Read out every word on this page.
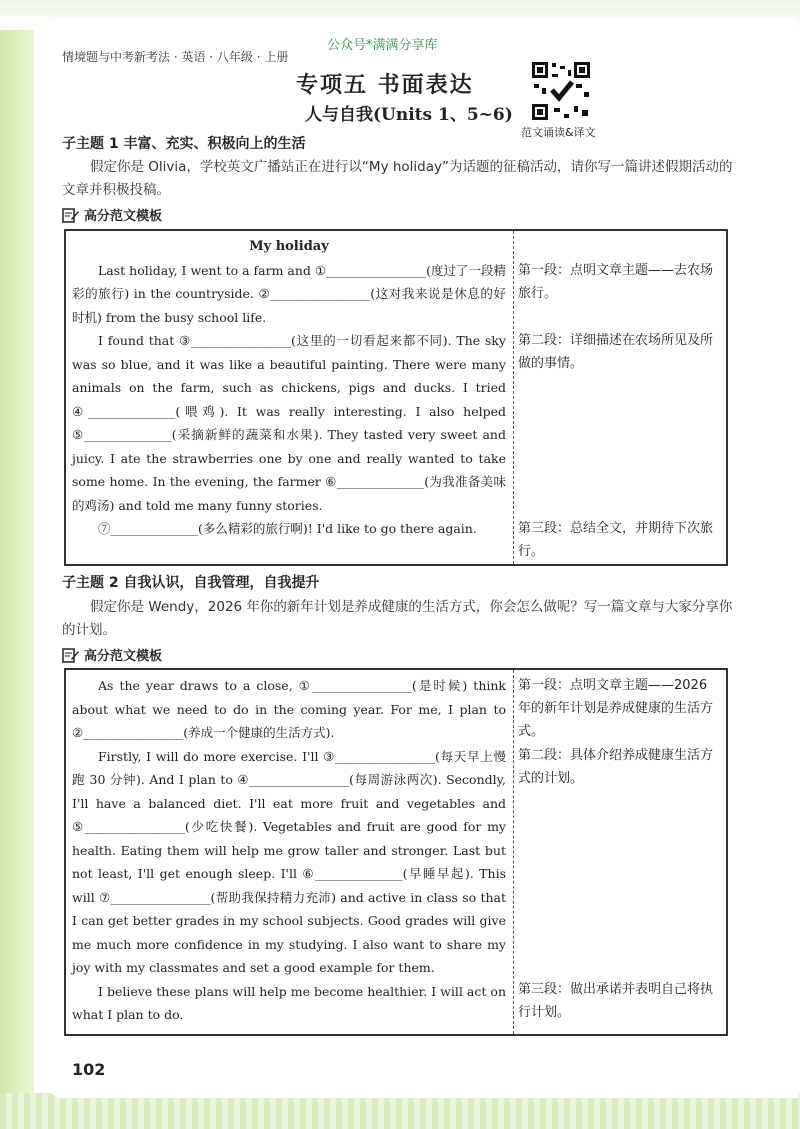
公众号*满满分享库
情境题与中考新考法 · 英语 · 八年级 · 上册
专项五 书面表达
人与自我(Units 1、5~6)
范文诵读&译文
子主题 1 丰富、充实、积极向上的生活
假定你是 Olivia，学校英文广播站正在进行以“My holiday”为话题的征稿活动，请你写一篇讲述假期活动的文章并积极投稿。
高分范文模板

My holiday

Last holiday, I went to a farm and ①________________(度过了一段精彩的旅行) in the countryside. ②________________(这对我来说是休息的好时机) from the busy school life.

I found that ③________________(这里的一切看起来都不同). The sky was so blue, and it was like a beautiful painting. There were many animals on the farm, such as chickens, pigs and ducks. I tried ④______________(喂鸡). It was really interesting. I also helped ⑤______________(采摘新鲜的蔬菜和水果). They tasted very sweet and juicy. I ate the strawberries one by one and really wanted to take some home. In the evening, the farmer ⑥______________(为我准备美味的鸡汤) and told me many funny stories.

⑦______________(多么精彩的旅行啊)! I'd like to go there again.

第一段：点明文章主题——去农场旅行。
第二段：详细描述在农场所见及所做的事情。
第三段：总结全文，并期待下次旅行。
子主题 2 自我认识，自我管理，自我提升
假定你是 Wendy，2026 年你的新年计划是养成健康的生活方式，你会怎么做呢？写一篇文章与大家分享你的计划。
高分范文模板

As the year draws to a close, ①________________(是时候) think about what we need to do in the coming year. For me, I plan to ②________________(养成一个健康的生活方式).

Firstly, I will do more exercise. I'll ③________________(每天早上慢跑 30 分钟). And I plan to ④________________(每周游泳两次). Secondly, I'll have a balanced diet. I'll eat more fruit and vegetables and ⑤________________(少吃快餐). Vegetables and fruit are good for my health. Eating them will help me grow taller and stronger. Last but not least, I'll get enough sleep. I'll ⑥______________(早睡早起). This will ⑦________________(帮助我保持精力充沛) and active in class so that I can get better grades in my school subjects. Good grades will give me much more confidence in my studying. I also want to share my joy with my classmates and set a good example for them.

I believe these plans will help me become healthier. I will act on what I plan to do.

第一段：点明文章主题——2026年的新年计划是养成健康的生活方式。
第二段：具体介绍养成健康生活方式的计划。
第三段：做出承诺并表明自己将执行计划。
102
